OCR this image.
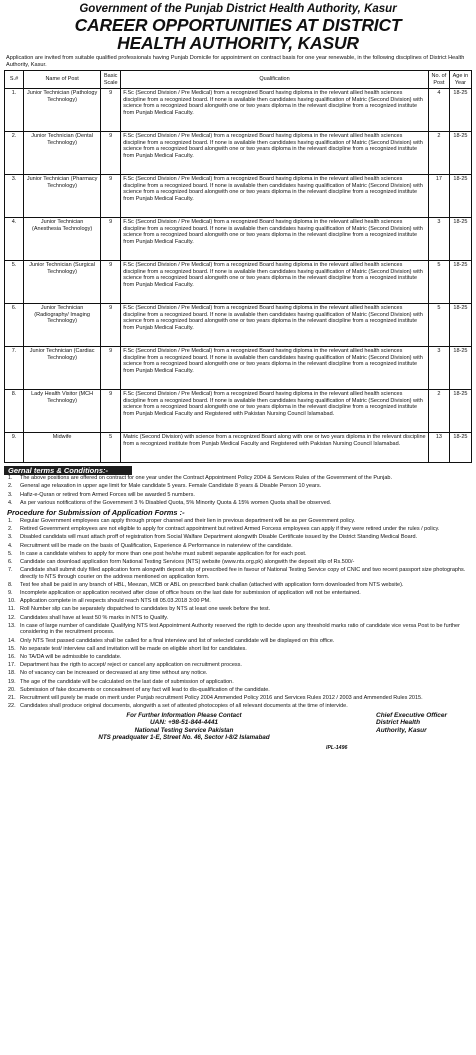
Government of the Punjab District Health Authority, Kasur
CAREER OPPORTUNITIES AT DISTRICT
HEALTH AUTHORITY, KASUR
Application are invited from suitable qualified professionals having Punjab Domicile for appointment on contract basis for one year renewable, in the following disciplines of District Health Authority, Kasur.
S.#	Name of Post	Basic Scale	Qualification	No. of Post	Age in Year
1.	Junior Technician (Pathology Technology)	9	F.Sc (Second Division / Pre Medical) from a recognized Board having diploma in the relevant allied health sciences discipline from a recognized board. If none is available then candidates having qualification of Matric (Second Division) with science from a recognized board alongwith one or two years diploma in the relevant discipline from a recognized institute from Punjab Medical Faculty.	4	18-25
2.	Junior Technician (Dental Technology)	9	F.Sc (Second Division / Pre Medical) from a recognized Board having diploma in the relevant allied health sciences discipline from a recognized board. If none is available then candidates having qualification of Matric (Second Division) with science from a recognized board alongwith one or two years diploma in the relevant discipline from a recognized institute from Punjab Medical Faculty.	2	18-25
3.	Junior Technician (Pharmacy Technology)	9	F.Sc (Second Division / Pre Medical) from a recognized Board having diploma in the relevant allied health sciences discipline from a recognized board. If none is available then candidates having qualification of Matric (Second Division) with science from a recognized board alongwith one or two years diploma in the relevant discipline from a recognized institute from Punjab Medical Faculty.	17	18-25
4.	Junior Technician (Anesthesia Technology)	9	F.Sc (Second Division / Pre Medical) from a recognized Board having diploma in the relevant allied health sciences discipline from a recognized board. If none is available then candidates having qualification of Matric (Second Division) with science from a recognized board alongwith one or two years diploma in the relevant discipline from a recognized institute from Punjab Medical Faculty.	3	18-25
5.	Junior Technician (Surgical Technology)	9	F.Sc (Second Division / Pre Medical) from a recognized Board having diploma in the relevant allied health sciences discipline from a recognized board. If none is available then candidates having qualification of Matric (Second Division) with science from a recognized board alongwith one or two years diploma in the relevant discipline from a recognized institute from Punjab Medical Faculty.	5	18-25
6.	Junior Technician (Radiography/ Imaging Technology)	9	F.Sc (Second Division / Pre Medical) from a recognized Board having diploma in the relevant allied health sciences discipline from a recognized board. If none is available then candidates having qualification of Matric (Second Division) with science from a recognized board alongwith one or two years diploma in the relevant discipline from a recognized institute from Punjab Medical Faculty.	5	18-25
7.	Junior Technician (Cardiac Technology)	9	F.Sc (Second Division / Pre Medical) from a recognized Board having diploma in the relevant allied health sciences discipline from a recognized board. If none is available then candidates having qualification of Matric (Second Division) with science from a recognized board alongwith one or two years diploma in the relevant discipline from a recognized institute from Punjab Medical Faculty.	3	18-25
8.	Lady Health Visitor (MCH Technology)	9	F.Sc (Second Division / Pre Medical) from a recognized Board having diploma in the relevant allied health sciences discipline from a recognized board. If none is available then candidates having qualification of Matric (Second Division) with science from a recognized board alongwith one or two years diploma in the relevant discipline from a recognized institute from Punjab Medical Faculty and Registered with Pakistan Nursing Council Islamabad.	2	18-25
9.	Midwife	5	Matric (Second Division) with science from a recognized Board along with one or two years diploma in the relevant discipline from a recognized institute from Punjab Medical Faculty and Registered with Pakistan Nursing Council Islamabad.	13	18-25
Gernal terms & Conditions:-
1. The above positions are offered on contract for one year under the Contract Appointment Policy 2004 & Services Rules of the Government of the Punjab.
2. General age relaxation in upper age limit for Male candidate 5 years. Female Candidate 8 years & Disable Person 10 years.
3. Hafiz-e-Quran or retired from Armed Forces will be awarded 5 numbers.
4. As per various notifications of the Government 3 % Disabled Quota, 5% Minority Quota & 15% women Quota shall be observed.
Procedure for Submission of Application Forms :-
1. Regular Government employees can apply through proper channel and their lien in previous department will be as per Government policy.
2. Retired Government employees are not eligible to apply for contract appointment but retired Armed Forcess employees can apply if they were retired under the rules / policy.
3. Disabled candidats will must attach proff of registration from Social Walfare Department alongwith Disable Certificate issued by the District Standing Medical Board.
4. Recruitment will be made on the basis of Qualification, Experience & Performance in naterview of the candidate.
5. In case a candidate wishes to apply for more than one post he/she must submit separate application for for each post.
6. Candidate can download application form National Testing Services (NTS) website (www.nts.org.pk) alongwith the deposit slip of Rs.500/-
7. Candidate shall submit duly filled application form alongwith deposit slip of prescribed fee in favour of National Testing Service copy of CNIC and two recent passport size photographs. directly to NTS through courier on the address mentioned on application form.
8. Test fee shall be paid in any branch of HBL, Meezan, MCB or ABL on prescribed bank challan (attached with application form downloaded from NTS website).
9. Incomplete application or application received after close of office hours on the last date for submission of application will not be entertained.
10. Application complete in all respects should reach NTS till 05.03.2018 3:00 PM.
11. Roll Number slip can be separately dispatched to candidates by NTS at least one week before the test.
12. Candidates shall have at least 50 % marks in NTS to Qualify.
13. In case of large number of candidate Qualifying NTS test Appointment Authority reserved the rigth to decide upon any threshold marks ratio of candidate vice versa Post to be further considering in the recruitment process.
14. Only NTS Test passed candidates shall be called for a final interview and list of selected candidate will be displayed on this office.
15. No separate test/ interview call and invitation will be made on eligible short list for candidates.
16. No TA/DA will be admissible to candidate.
17. Department has the rigth to accept/ reject or cancel any application on recruitment process.
18. No of vacancy can be increased or decreased at any time without any notice.
19. The age of the candidate will be calculated on the last date of submission of application.
20. Submission of fake documents or concealment of any fact will lead to dis-qualification of the candidate.
21. Recruitment will purely be made on merit under Punjab recruitment Policy 2004 Ammended Policy 2016 and Services Rules 2012 / 2003 and Ammended Rules 2015.
22. Candidates shall produce original documents, alongwith a set of attested photocopies of all relevant documents at the time of intervide.
For Further Information Please Contact
UAN: +98-51-844-4441
National Testing Service Pakistan
NTS preadquater 1-E, Street No. 46, Sector I-8/2 Islamabad
IPL-1496
Chief Executive Officer
District Health
Authority, Kasur
